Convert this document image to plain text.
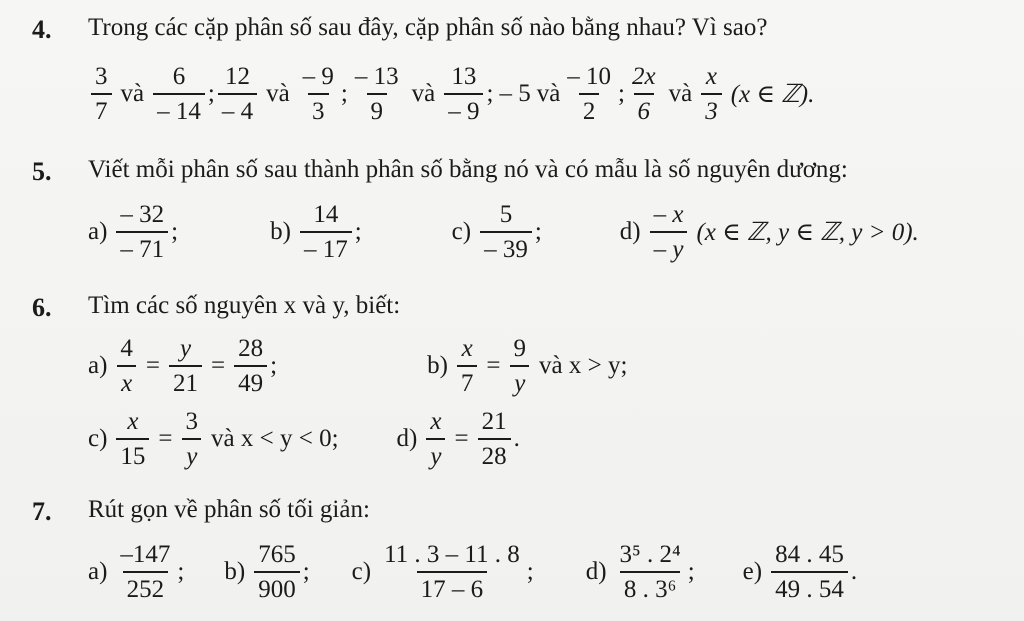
4. Trong các cặp phân số sau đây, cặp phân số nào bằng nhau? Vì sao?
$\frac{3}{7}$ và $\frac{6}{- 14}$ ; $\frac{12}{- 4}$ và $\frac{- 9}{3}$ ; $\frac{- 13}{9}$ và $\frac{13}{- 9}$ ; – 5 và $\frac{- 10}{2}$ ; $\frac{2x}{6}$ và $\frac{x}{3} (x$ ∈ ℤ).
5. Viết mỗi phân số sau thành phân số bằng nó và có mẫu là số nguyên dương:
$a) \frac{- 32}{- 71}$ ;	$b) \frac{14}{- 17}$ ;	$c) \frac{5}{- 39}$ ;	$d) \frac{- x}{- y} (x$ ∈ ℤ, y ∈ ℤ, y > 0).
6. Tìm các số nguyên x và y, biết:
$a) \frac{4}{x} = \frac{y}{21} = \frac{28}{49}$ ;	$b) \frac{x}{7} = \frac{9}{y}$ và x > y;
$c) \frac{x}{15} = \frac{3}{y}$ và x < y < 0; $d) \frac{x}{y} = \frac{21}{28}$ .
7. Rút gọn về phân số tối giản:
$a) \frac{-147}{252}$ ; $b) \frac{765}{900}$ ; $c) \frac{11 . 3 - 11 . 8}{17 - 6}$ ; $d) \frac{\text{3⁵ . 2⁴}}{\text{8 . 3⁶}}$ ; $e) \frac{84 . 45}{49 . 54}$ .
